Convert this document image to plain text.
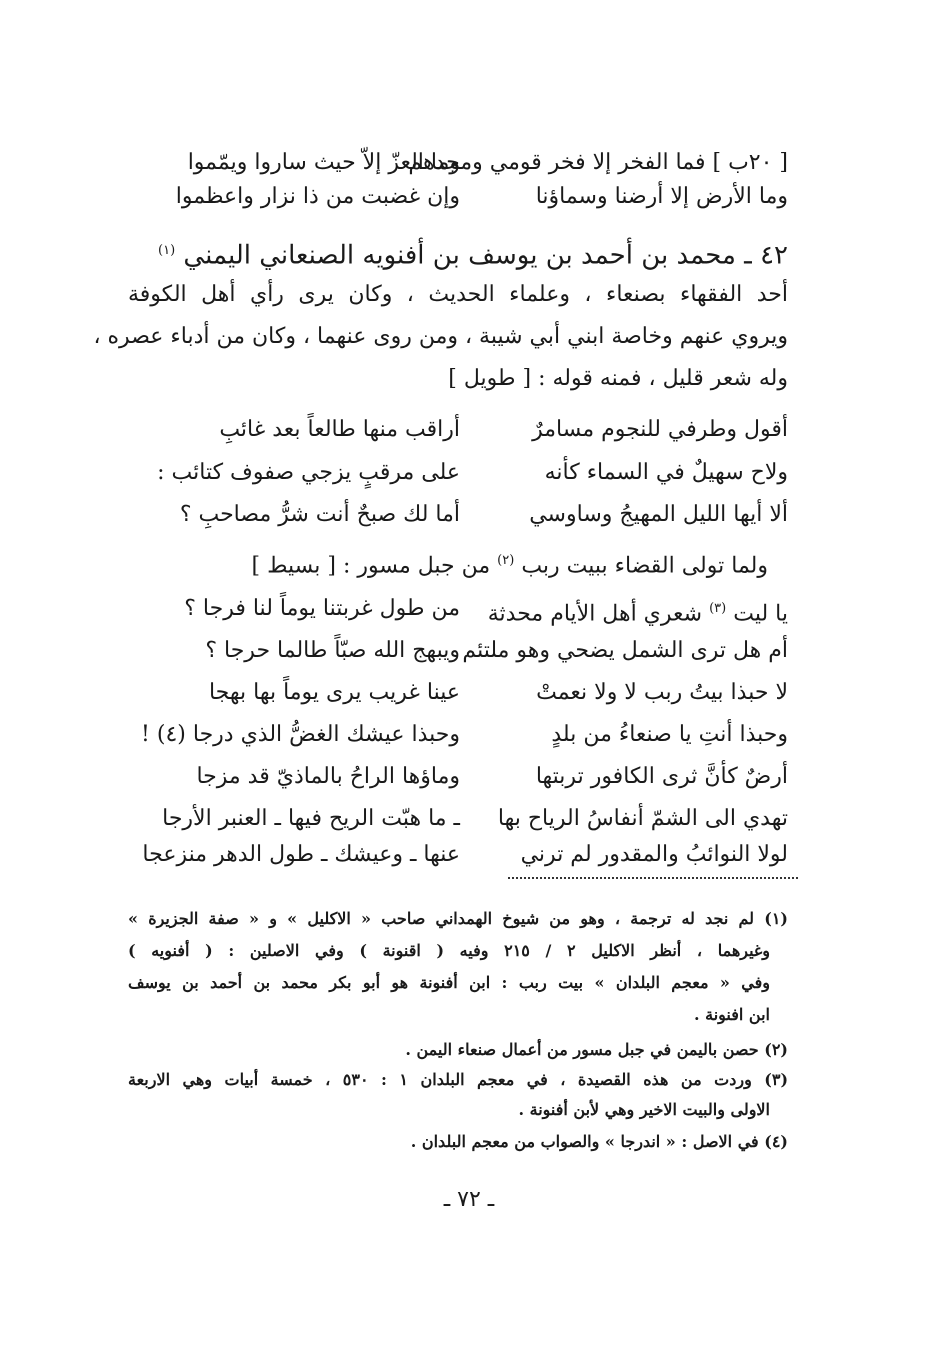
[ ٢٠ب ] فما الفخر إلا فخر قومي ومجدهم
وما العزّ إلاّ حيث ساروا ويمّموا
وما الأرض إلا أرضنا وسماؤنا
وإن غضبت من ذا نزار واعظموا
٤٢ ـ محمد بن أحمد بن يوسف بن أفنويه الصنعاني اليمني $^{(١)}$
أحد الفقهاء بصنعاء ، وعلماء الحديث ، وكان يرى رأي أهل الكوفة
ويروي عنهم وخاصة ابني أبي شيبة ، ومن روى عنهما ، وكان من أدباء عصره ،
وله شعر قليل ، فمنه قوله : [ طويل ]
أقول وطرفي للنجوم مسامرٌ
أراقب منها طالعاً بعد غائبِ
ولاح سهيلٌ في السماء كأنه
على مرقبٍ يزجي صفوف كتائب :
ألا أيها الليل المهيجُ وساوسي
أما لك صبحٌ أنت شرُّ مصاحبِ ؟
ولما تولى القضاء ببيت ربب $^{(٢)}$ من جبل مسور : [ بسيط ]
يا ليت $^{(٣)}$ شعري أهل الأيام محدثة
من طول غربتنا يوماً لنا فرجا ؟
أم هل ترى الشمل يضحي وهو ملتئم
ويبهج الله صبّاً طالما حرجا ؟
لا حبذا بيتُ ربب لا ولا نعمتْ
عينا غريب يرى يوماً بها بهجا
وحبذا أنتِ يا صنعاءُ من بلدٍ
وحبذا عيشك الغضُّ الذي درجا (٤) !
أرضٌ كأنَّ ثرى الكافور تربتها
وماؤها الراحُ بالماذيّ قد مزجا
تهدي الى الشمّ أنفاسُ الرياح بها
ـ ما هبّت الريح فيها ـ العنبر الأرجا
لولا النوائبُ والمقدور لم ترني
عنها ـ وعيشك ـ طول الدهر منزعجا
(١) لم نجد له ترجمة ، وهو من شيوخ الهمداني صاحب « الاكليل » و « صفة الجزيرة »
وغيرهما ، أنظر الاكليل ٢ / ٢١٥ وفيه ( اقنونة ) وفي الاصلين : ( أفنويه )
وفي « معجم البلدان » بيت ربب : ابن أفنونة هو أبو بكر محمد بن أحمد بن يوسف
ابن افنونة .
(٢) حصن باليمن في جبل مسور من أعمال صنعاء اليمن .
(٣) وردت من هذه القصيدة ، في معجم البلدان ١ : ٥٣٠ ، خمسة أبيات وهي الاربعة
الاولى والبيت الاخير وهي لأبن أفنونة .
(٤) في الاصل : « اندرجا » والصواب من معجم البلدان .
ـ ٧٢ ـ
